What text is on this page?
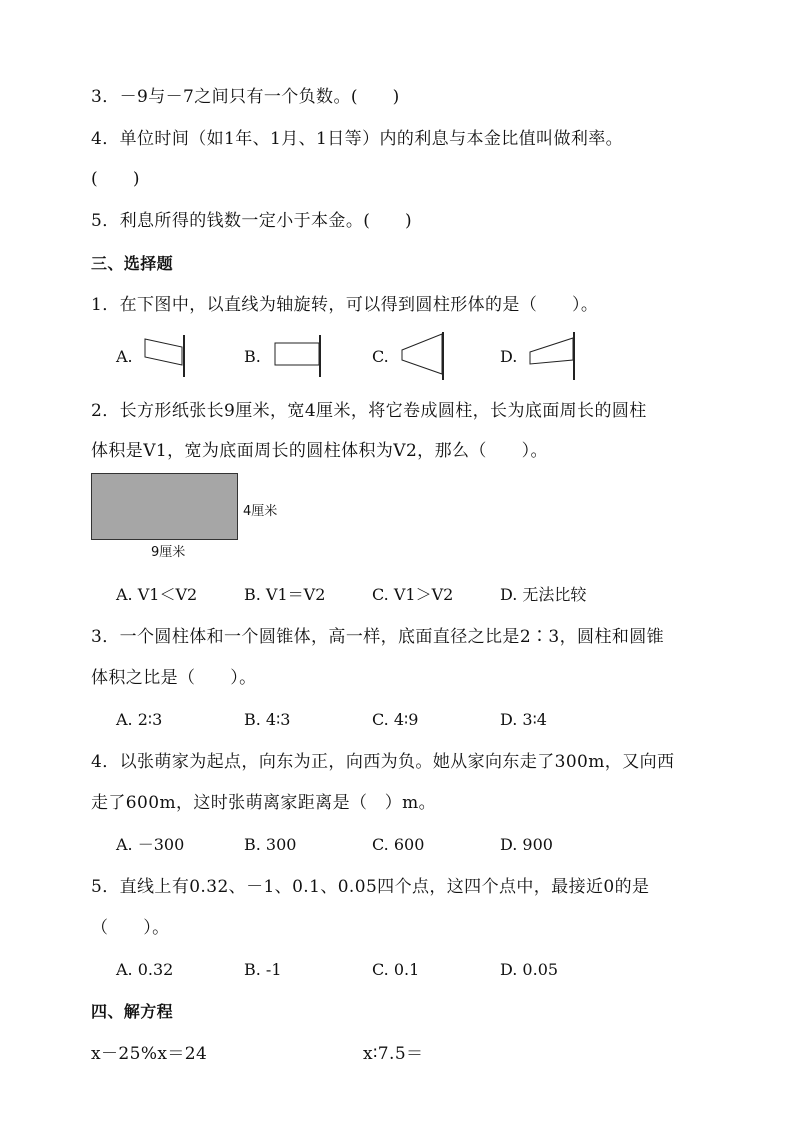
3．－9与－7之间只有一个负数。(　　)
4．单位时间（如1年、1月、1日等）内的利息与本金比值叫做利率。
(　　)
5．利息所得的钱数一定小于本金。(　　)
三、选择题
1．在下图中，以直线为轴旋转，可以得到圆柱形体的是（　　）。
A.	B.	C.	D.
2．长方形纸张长9厘米，宽4厘米，将它卷成圆柱，长为底面周长的圆柱
体积是V1，宽为底面周长的圆柱体积为V2，那么（　　）。
4厘米
9厘米
A. V1＜V2	B. V1＝V2	C. V1＞V2	D. 无法比较
3．一个圆柱体和一个圆锥体，高一样，底面直径之比是2∶3，圆柱和圆锥
体积之比是（　　）。
A. 2∶3	B. 4∶3	C. 4∶9	D. 3∶4
4．以张萌家为起点，向东为正，向西为负。她从家向东走了300m，又向西
走了600m，这时张萌离家距离是（　）m。
A. －300	B. 300	C. 600	D. 900
5．直线上有0.32、－1、0.1、0.05四个点，这四个点中，最接近0的是
（　　）。
A. 0.32	B. -1	C. 0.1	D. 0.05
四、解方程
x－25%x＝24	x∶7.5＝
